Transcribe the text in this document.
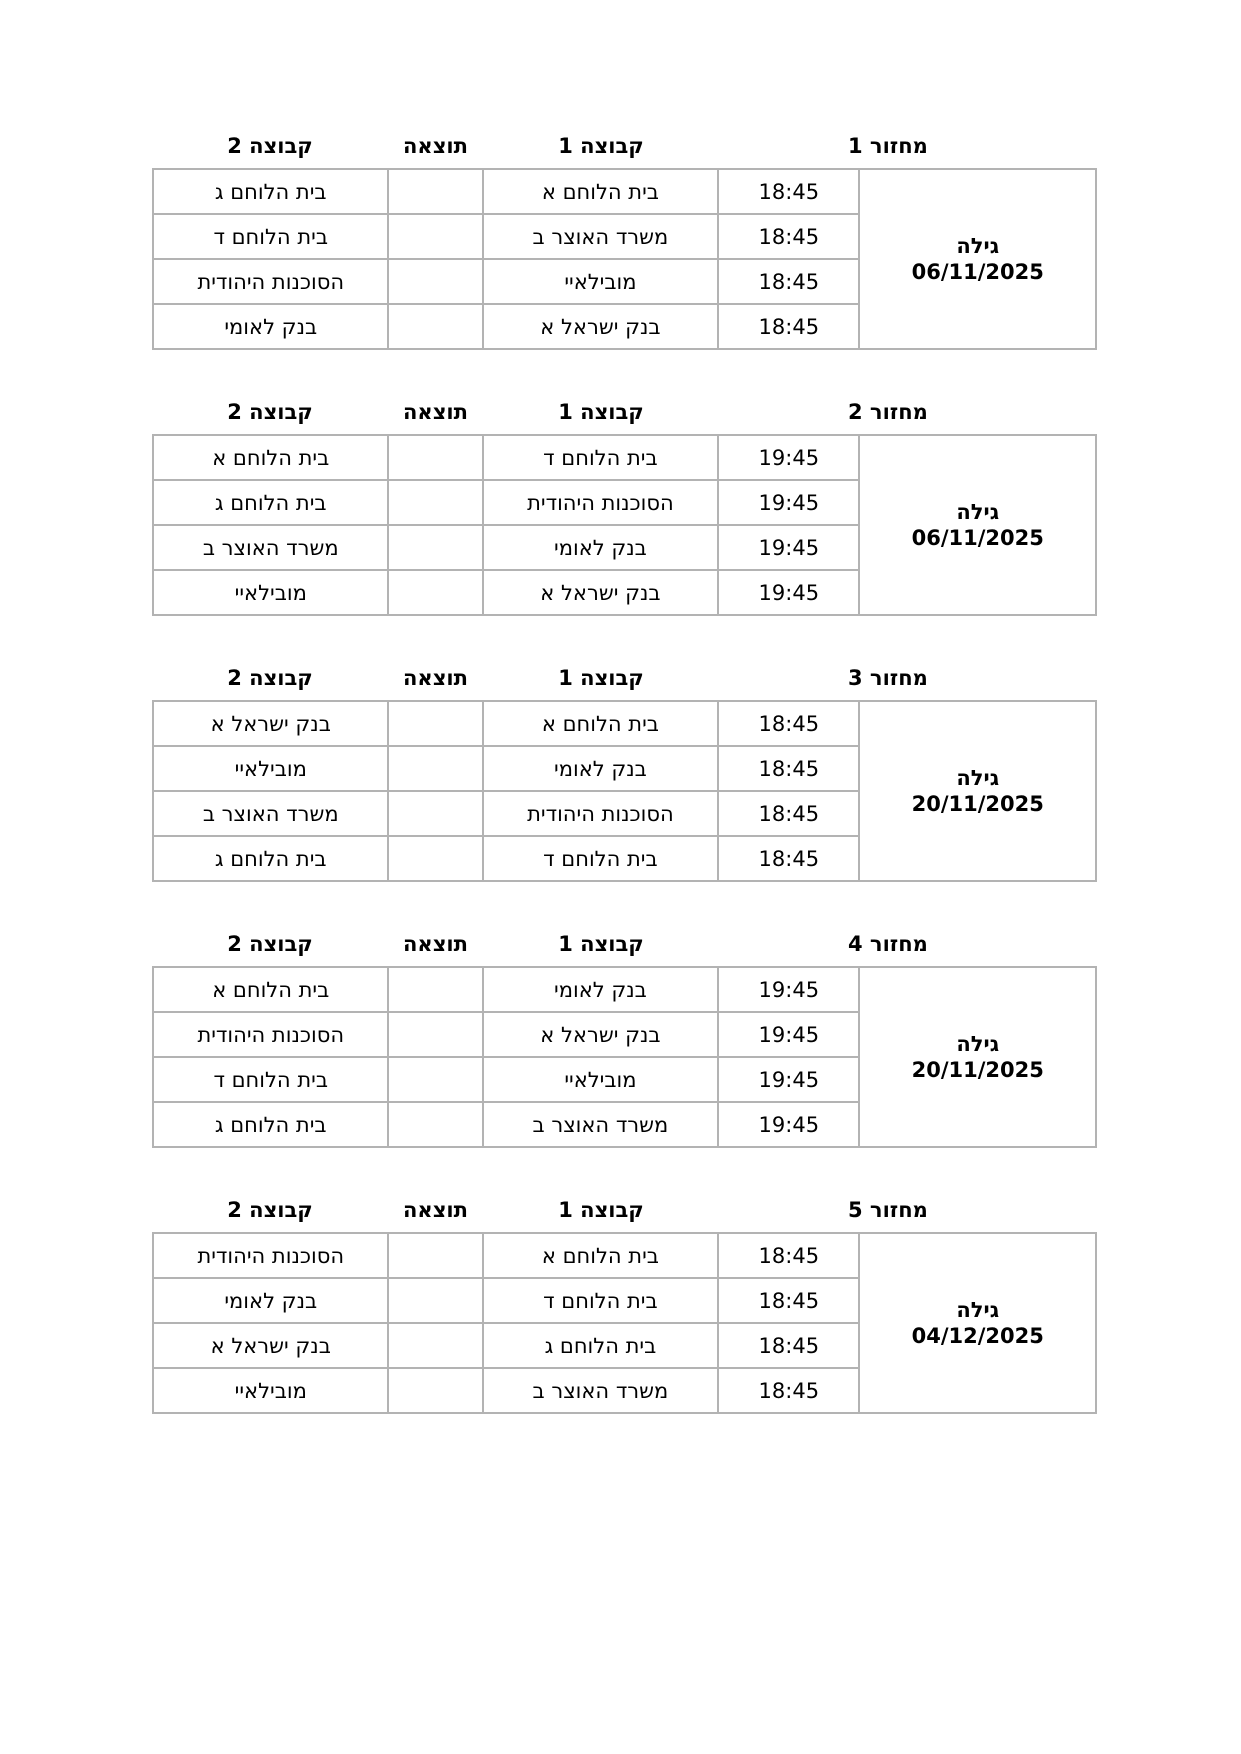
קבוצה 2	תוצאה	קבוצה 1	מחזור 1
בית הלוחם ג		בית הלוחם א	18:45	גילה
06/11/2025

בית הלוחם ד		משרד האוצר ב	18:45	
הסוכנות היהודית		מובילאיי	18:45	
בנק לאומי		בנק ישראל א	18:45	
קבוצה 2	תוצאה	קבוצה 1	מחזור 2
בית הלוחם א		בית הלוחם ד	19:45	גילה
06/11/2025

בית הלוחם ג		הסוכנות היהודית	19:45	
משרד האוצר ב		בנק לאומי	19:45	
מובילאיי		בנק ישראל א	19:45	
קבוצה 2	תוצאה	קבוצה 1	מחזור 3
בנק ישראל א		בית הלוחם א	18:45	גילה
20/11/2025

מובילאיי		בנק לאומי	18:45	
משרד האוצר ב		הסוכנות היהודית	18:45	
בית הלוחם ג		בית הלוחם ד	18:45	
קבוצה 2	תוצאה	קבוצה 1	מחזור 4
בית הלוחם א		בנק לאומי	19:45	גילה
20/11/2025

הסוכנות היהודית		בנק ישראל א	19:45	
בית הלוחם ד		מובילאיי	19:45	
בית הלוחם ג		משרד האוצר ב	19:45	
קבוצה 2	תוצאה	קבוצה 1	מחזור 5
הסוכנות היהודית		בית הלוחם א	18:45	גילה
04/12/2025

בנק לאומי		בית הלוחם ד	18:45	
בנק ישראל א		בית הלוחם ג	18:45	
מובילאיי		משרד האוצר ב	18:45	
